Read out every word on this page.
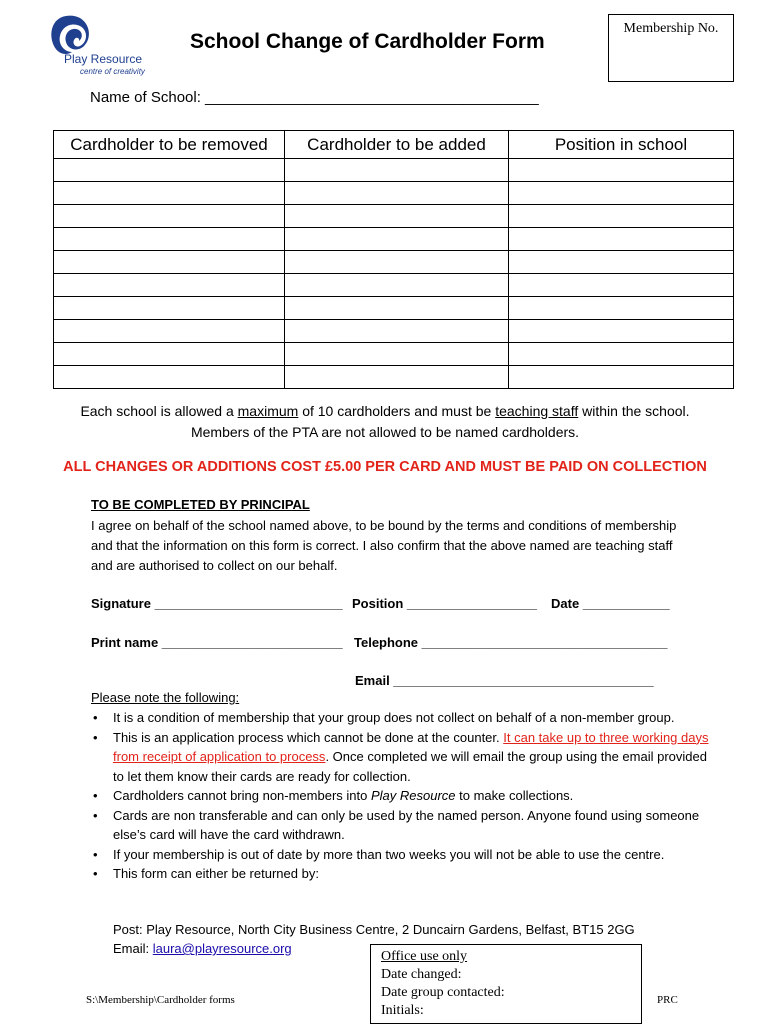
Play Resource
centre of creativity
School Change of Cardholder Form
Membership No.
Name of School: ________________________________________
Cardholder to be removed	Cardholder to be added	Position in school

Each school is allowed a maximum of 10 cardholders and must be teaching staff within the school.
Members of the PTA are not allowed to be named cardholders.
ALL CHANGES OR ADDITIONS COST £5.00 PER CARD AND MUST BE PAID ON COLLECTION
TO BE COMPLETED BY PRINCIPAL
I agree on behalf of the school named above, to be bound by the terms and conditions of membership and that the information on this form is correct. I also confirm that the above named are teaching staff and are authorised to collect on our behalf.
Signature __________________________ Position __________________ Date ____________
Print name _________________________ Telephone __________________________________
Email ____________________________________
Please note the following:
• It is a condition of membership that your group does not collect on behalf of a non-member group.
• This is an application process which cannot be done at the counter. It can take up to three working days from receipt of application to process. Once completed we will email the group using the email provided to let them know their cards are ready for collection.
• Cardholders cannot bring non-members into Play Resource to make collections.
• Cards are non transferable and can only be used by the named person. Anyone found using someone else’s card will have the card withdrawn.
• If your membership is out of date by more than two weeks you will not be able to use the centre.
• This form can either be returned by:
Post: Play Resource, North City Business Centre, 2 Duncairn Gardens, Belfast, BT15 2GG
Email: laura@playresource.org
Office use only
Date changed:
Date group contacted:
Initials:
S:\Membership\Cardholder forms	PRC
